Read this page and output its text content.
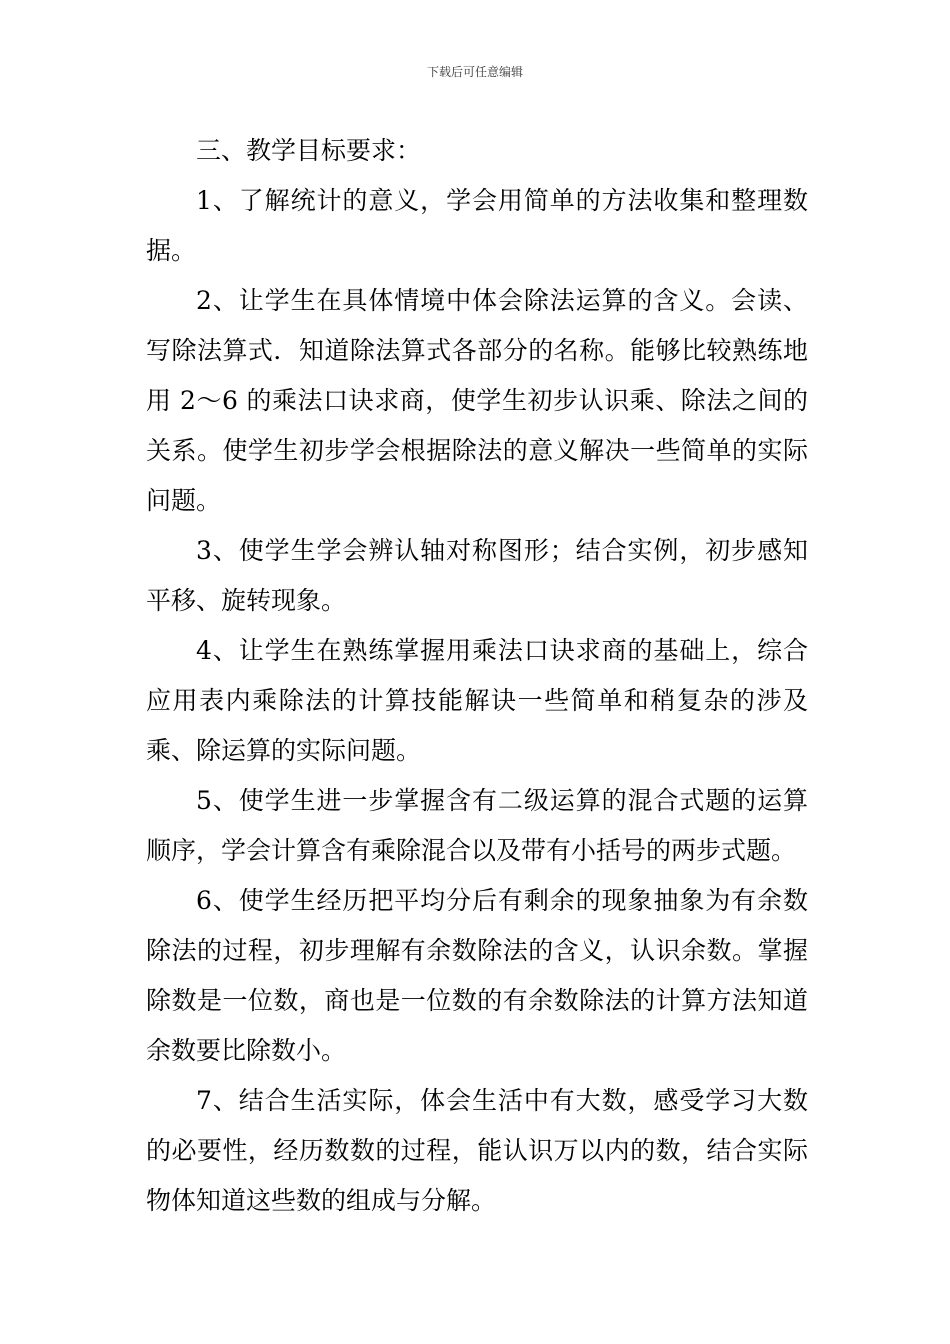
下载后可任意编辑

三、教学目标要求：

1、了解统计的意义，学会用简单的方法收集和整理数据。

2、让学生在具体情境中体会除法运算的含义。会读、写除法算式．知道除法算式各部分的名称。能够比较熟练地用 2～6 的乘法口诀求商，使学生初步认识乘、除法之间的关系。使学生初步学会根据除法的意义解决一些简单的实际问题。

3、使学生学会辨认轴对称图形；结合实例，初步感知平移、旋转现象。

4、让学生在熟练掌握用乘法口诀求商的基础上，综合应用表内乘除法的计算技能解诀一些简单和稍复杂的涉及乘、除运算的实际问题。

5、使学生进一步掌握含有二级运算的混合式题的运算顺序，学会计算含有乘除混合以及带有小括号的两步式题。

6、使学生经历把平均分后有剩余的现象抽象为有余数除法的过程，初步理解有余数除法的含义，认识余数。掌握除数是一位数，商也是一位数的有余数除法的计算方法知道余数要比除数小。

7、结合生活实际，体会生活中有大数，感受学习大数的必要性，经历数数的过程，能认识万以内的数，结合实际物体知道这些数的组成与分解。
